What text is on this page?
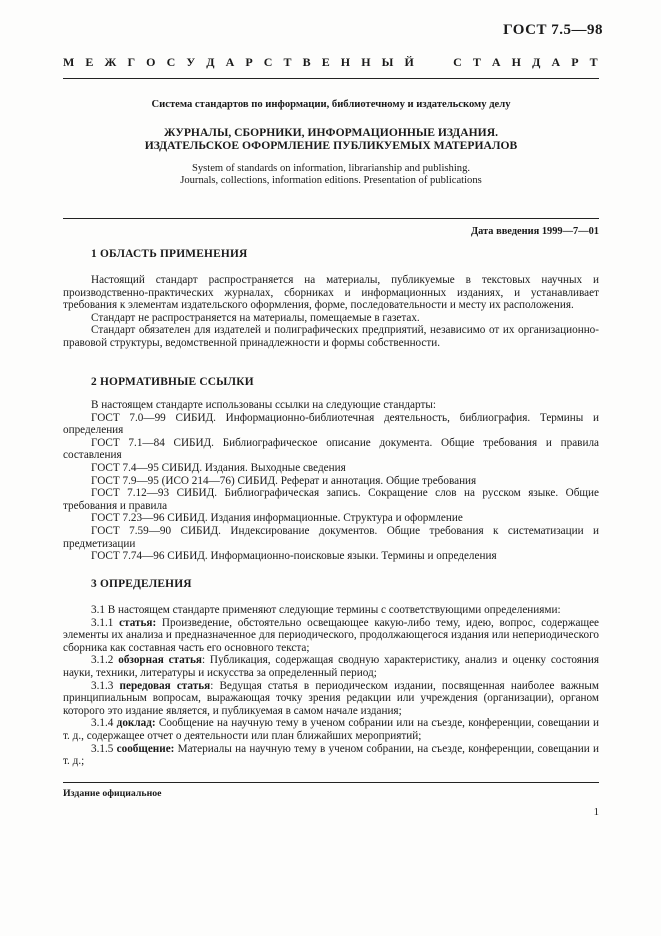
ГОСТ 7.5—98
М Е Ж Г О С У Д А Р С Т В Е Н Н Ы Й

	С Т А Н Д А Р Т
Система стандартов по информации, библиотечному и издательскому делу
ЖУРНАЛЫ, СБОРНИКИ, ИНФОРМАЦИОННЫЕ ИЗДАНИЯ.
ИЗДАТЕЛЬСКОЕ ОФОРМЛЕНИЕ ПУБЛИКУЕМЫХ МАТЕРИАЛОВ
System of standards on information, librarianship and publishing.
Journals, collections, information editions. Presentation of publications
Дата введения 1999—7—01
1 ОБЛАСТЬ ПРИМЕНЕНИЯ

Настоящий стандарт распространяется на материалы, публикуемые в текстовых научных и производственно-практических журналах, сборниках и информационных изданиях, и устанавливает требования к элементам издательского оформления, форме, последовательности и месту их расположения.

Стандарт не распространяется на материалы, помещаемые в газетах.

Стандарт обязателен для издателей и полиграфических предприятий, независимо от их организационно-правовой структуры, ведомственной принадлежности и формы собственности.

2 НОРМАТИВНЫЕ ССЫЛКИ

В настоящем стандарте использованы ссылки на следующие стандарты:

ГОСТ 7.0—99 СИБИД. Информационно-библиотечная деятельность, библиография. Термины и определения

ГОСТ 7.1—84 СИБИД. Библиографическое описание документа. Общие требования и правила составления

ГОСТ 7.4—95 СИБИД. Издания. Выходные сведения

ГОСТ 7.9—95 (ИСО 214—76) СИБИД. Реферат и аннотация. Общие требования

ГОСТ 7.12—93 СИБИД. Библиографическая запись. Сокращение слов на русском языке. Общие требования и правила

ГОСТ 7.23—96 СИБИД. Издания информационные. Структура и оформление

ГОСТ 7.59—90 СИБИД. Индексирование документов. Общие требования к систематизации и предметизации

ГОСТ 7.74—96 СИБИД. Информационно-поисковые языки. Термины и определения

3 ОПРЕДЕЛЕНИЯ

3.1 В настоящем стандарте применяют следующие термины с соответствующими определениями:

3.1.1 статья: Произведение, обстоятельно освещающее какую-либо тему, идею, вопрос, содержащее элементы их анализа и предназначенное для периодического, продолжающегося издания или непериодического сборника как составная часть его основного текста;

3.1.2 обзорная статья: Публикация, содержащая сводную характеристику, анализ и оценку состояния науки, техники, литературы и искусства за определенный период;

3.1.3 передовая статья: Ведущая статья в периодическом издании, посвященная наиболее важным принципиальным вопросам, выражающая точку зрения редакции или учреждения (организации), органом которого это издание является, и публикуемая в самом начале издания;

3.1.4 доклад: Сообщение на научную тему в ученом собрании или на съезде, конференции, совещании и т. д., содержащее отчет о деятельности или план ближайших мероприятий;

3.1.5 сообщение: Материалы на научную тему в ученом собрании, на съезде, конференции, совещании и т. д.;

Издание официальное
1
